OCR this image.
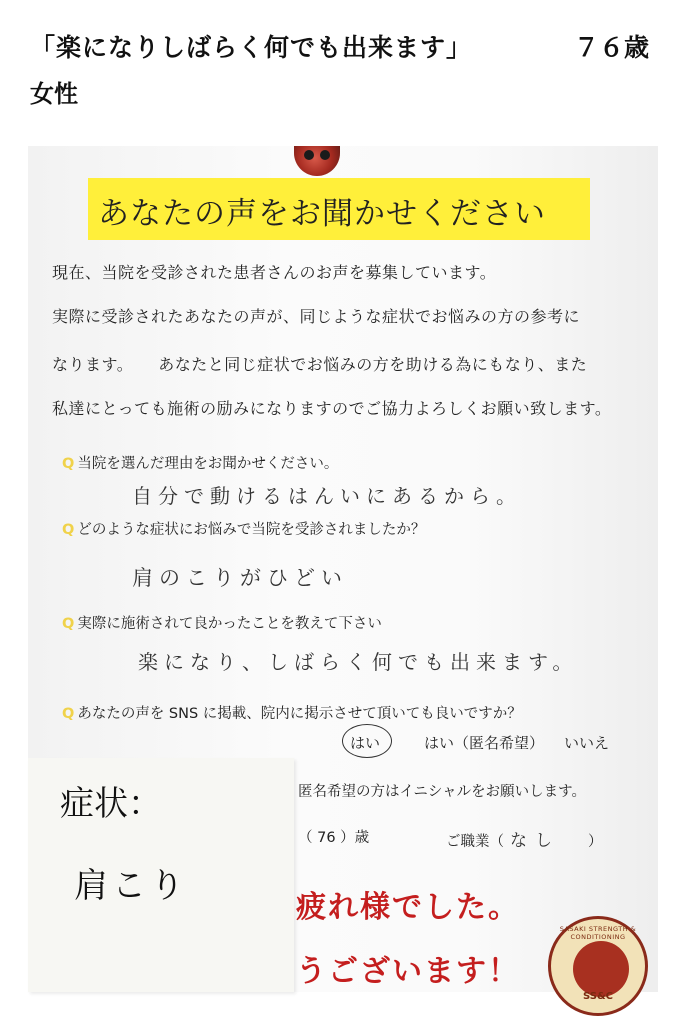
「楽になりしばらく何でも出来ます」	７６歳
女性
あなたの声をお聞かせください
現在、当院を受診された患者さんのお声を募集しています。
実際に受診されたあなたの声が、同じような症状でお悩みの方の参考に
なります。　　あなたと同じ症状でお悩みの方を助ける為にもなり、また
私達にとっても施術の励みになりますのでご協力よろしくお願い致します。
Q 当院を選んだ理由をお聞かせください。
自分で動けるはんいにあるから。
Q どのような症状にお悩みで当院を受診されましたか？
肩のこりがひどい
Q 実際に施術されて良かったことを教えて下さい
楽になり、しばらく何でも出来ます。
Q あなたの声を SNS に掲載、院内に掲示させて頂いても良いですか？
はい	はい（匿名希望） いいえ
匿名希望の方はイニシャルをお願いします。
（ 76 ）歳	ご職業（ なし ）
疲れ様でした。
うございます！
SASAKI STRENGTH & CONDITIONING
SS&C
症状：
肩こり
